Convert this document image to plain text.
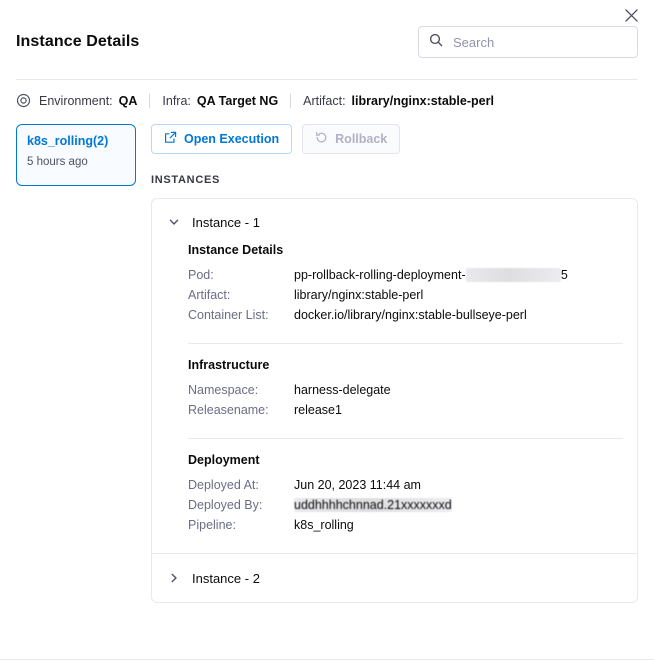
Instance Details
Search
Environment: QA Infra: QA Target NG Artifact: library/nginx:stable-perl
k8s_rolling(2)
5 hours ago
Open Execution	Rollback
INSTANCES
Instance - 1
Instance Details
Pod:	pp-rollback-rolling-deployment-	5
Artifact:	library/nginx:stable-perl
Container List:	docker.io/library/nginx:stable-bullseye-perl
Infrastructure
Namespace:	harness-delegate
Releasename:	release1
Deployment
Deployed At:	Jun 20, 2023 11:44 am
Deployed By:	uddhhhhchnnad.21xxxxxxxd
Pipeline:	k8s_rolling
Instance - 2
